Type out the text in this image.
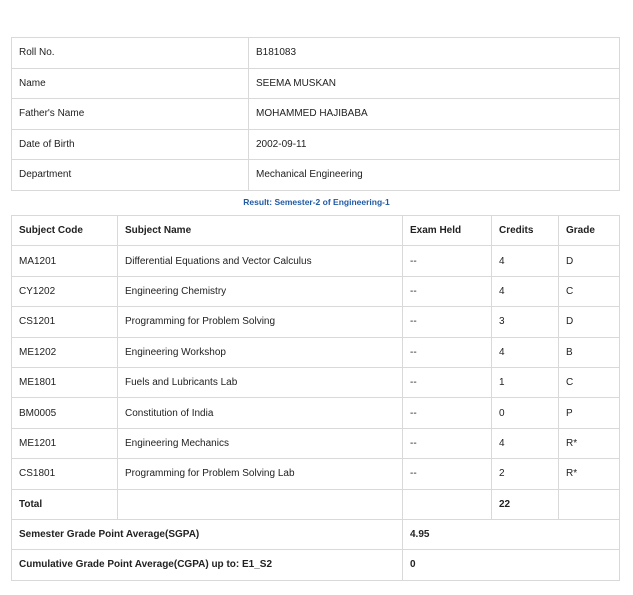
Roll No.	B181083
Name	SEEMA MUSKAN
Father's Name	MOHAMMED HAJIBABA
Date of Birth	2002-09-11
Department	Mechanical Engineering
Result: Semester-2 of Engineering-1
Subject Code	Subject Name	Exam Held	Credits	Grade
MA1201	Differential Equations and Vector Calculus	--	4	D
CY1202	Engineering Chemistry	--	4	C
CS1201	Programming for Problem Solving	--	3	D
ME1202	Engineering Workshop	--	4	B
ME1801	Fuels and Lubricants Lab	--	1	C
BM0005	Constitution of India	--	0	P
ME1201	Engineering Mechanics	--	4	R*
CS1801	Programming for Problem Solving Lab	--	2	R*
Total			22	
Semester Grade Point Average(SGPA)		4.95		
Cumulative Grade Point Average(CGPA) up to: E1_S2		0		
